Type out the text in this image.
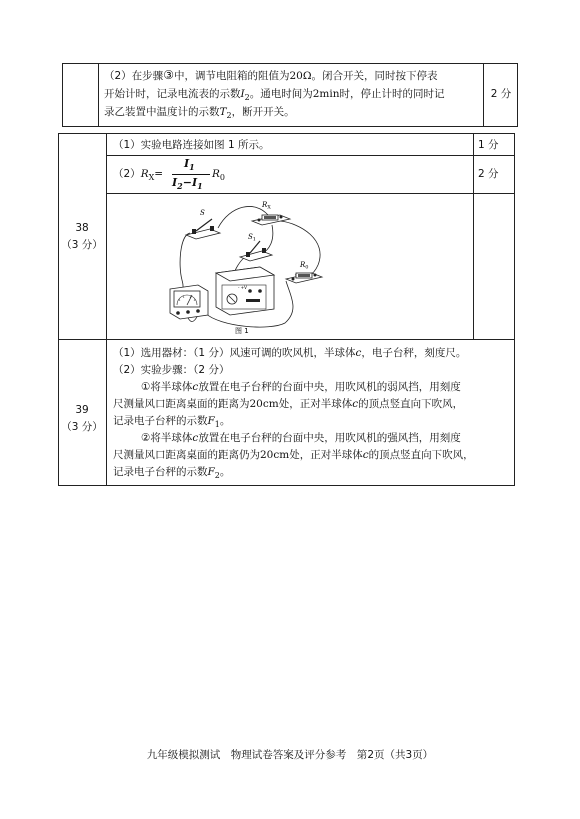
（2）在步骤③中，调节电阻箱的阻值为20Ω。闭合开关，同时按下停表
开始计时，记录电流表的示数$I_2$。通电时间为2min时，停止计时的同时记
录乙装置中温度计的示数$T_2$，断开开关。
2 分
38
（3 分）
（1）实验电路连接如图 1 所示。	1 分
$(2)R_X=$
$I_1$
$I_2-I_1$
$R_0$	2 分
S
$R_X$
$S_1$
$R_0$
- +V
图 1
39
（3 分）
（1）选用器材：（1 分）风速可调的吹风机，半球体c，电子台秤，刻度尺。
（2）实验步骤：（2 分）
①将半球体c放置在电子台秤的台面中央，用吹风机的弱风挡，用刻度
尺测量风口距离桌面的距离为20cm处，正对半球体c的顶点竖直向下吹风，
记录电子台秤的示数$F_1$。
②将半球体c放置在电子台秤的台面中央，用吹风机的强风挡，用刻度
尺测量风口距离桌面的距离仍为20cm处，正对半球体c的顶点竖直向下吹风，
记录电子台秤的示数$F_2$。
九年级模拟测试　物理试卷答案及评分参考　第2页（共3页）
